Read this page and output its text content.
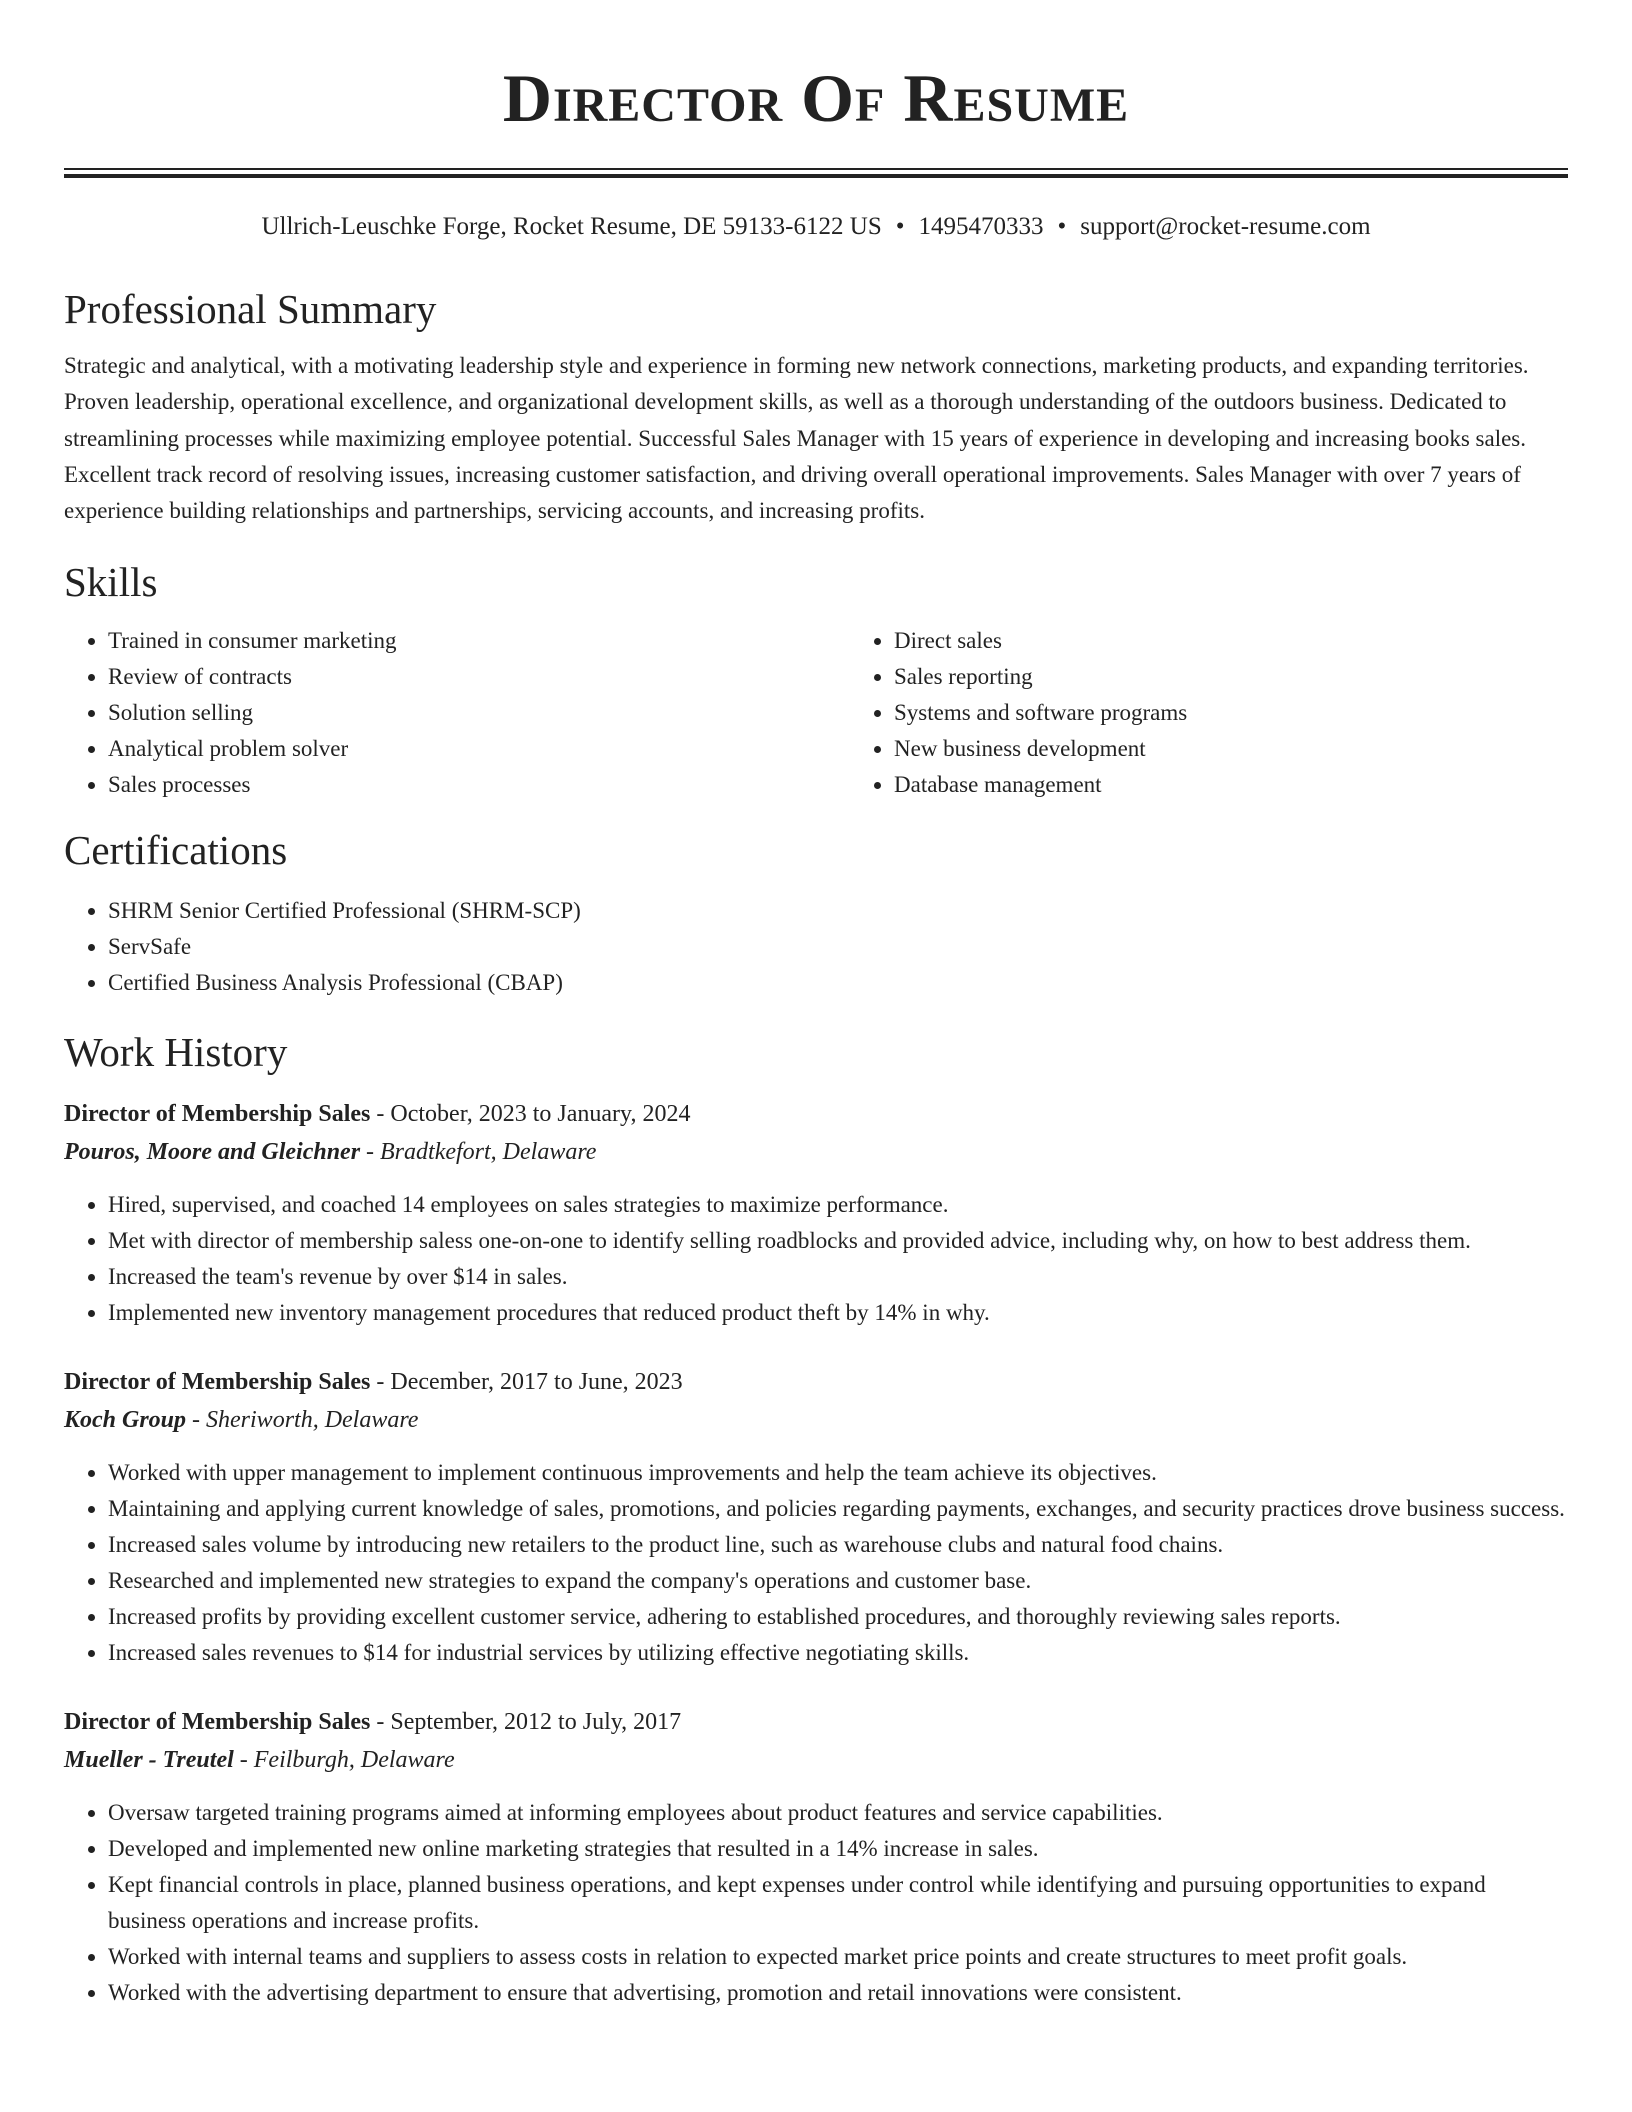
Director Of Resume
Ullrich-Leuschke Forge, Rocket Resume, DE 59133-6122 US • 1495470333 • support@rocket-resume.com
Professional Summary

Strategic and analytical, with a motivating leadership style and experience in forming new network connections, marketing products, and expanding territories. Proven leadership, operational excellence, and organizational development skills, as well as a thorough understanding of the outdoors business. Dedicated to streamlining processes while maximizing employee potential. Successful Sales Manager with 15 years of experience in developing and increasing books sales. Excellent track record of resolving issues, increasing customer satisfaction, and driving overall operational improvements. Sales Manager with over 7 years of experience building relationships and partnerships, servicing accounts, and increasing profits.

Skills
• Trained in consumer marketing
• Review of contracts
• Solution selling
• Analytical problem solver
• Sales processes
• Direct sales
• Sales reporting
• Systems and software programs
• New business development
• Database management
Certifications
• SHRM Senior Certified Professional (SHRM-SCP)
• ServSafe
• Certified Business Analysis Professional (CBAP)
Work History
Director of Membership Sales - October, 2023 to January, 2024
Pouros, Moore and Gleichner - Bradtkefort, Delaware
• Hired, supervised, and coached 14 employees on sales strategies to maximize performance.
• Met with director of membership saless one-on-one to identify selling roadblocks and provided advice, including why, on how to best address them.
• Increased the team's revenue by over $14 in sales.
• Implemented new inventory management procedures that reduced product theft by 14% in why.
Director of Membership Sales - December, 2017 to June, 2023
Koch Group - Sheriworth, Delaware
• Worked with upper management to implement continuous improvements and help the team achieve its objectives.
• Maintaining and applying current knowledge of sales, promotions, and policies regarding payments, exchanges, and security practices drove business success.
• Increased sales volume by introducing new retailers to the product line, such as warehouse clubs and natural food chains.
• Researched and implemented new strategies to expand the company's operations and customer base.
• Increased profits by providing excellent customer service, adhering to established procedures, and thoroughly reviewing sales reports.
• Increased sales revenues to $14 for industrial services by utilizing effective negotiating skills.
Director of Membership Sales - September, 2012 to July, 2017
Mueller - Treutel - Feilburgh, Delaware
• Oversaw targeted training programs aimed at informing employees about product features and service capabilities.
• Developed and implemented new online marketing strategies that resulted in a 14% increase in sales.
• Kept financial controls in place, planned business operations, and kept expenses under control while identifying and pursuing opportunities to expand business operations and increase profits.
• Worked with internal teams and suppliers to assess costs in relation to expected market price points and create structures to meet profit goals.
• Worked with the advertising department to ensure that advertising, promotion and retail innovations were consistent.
